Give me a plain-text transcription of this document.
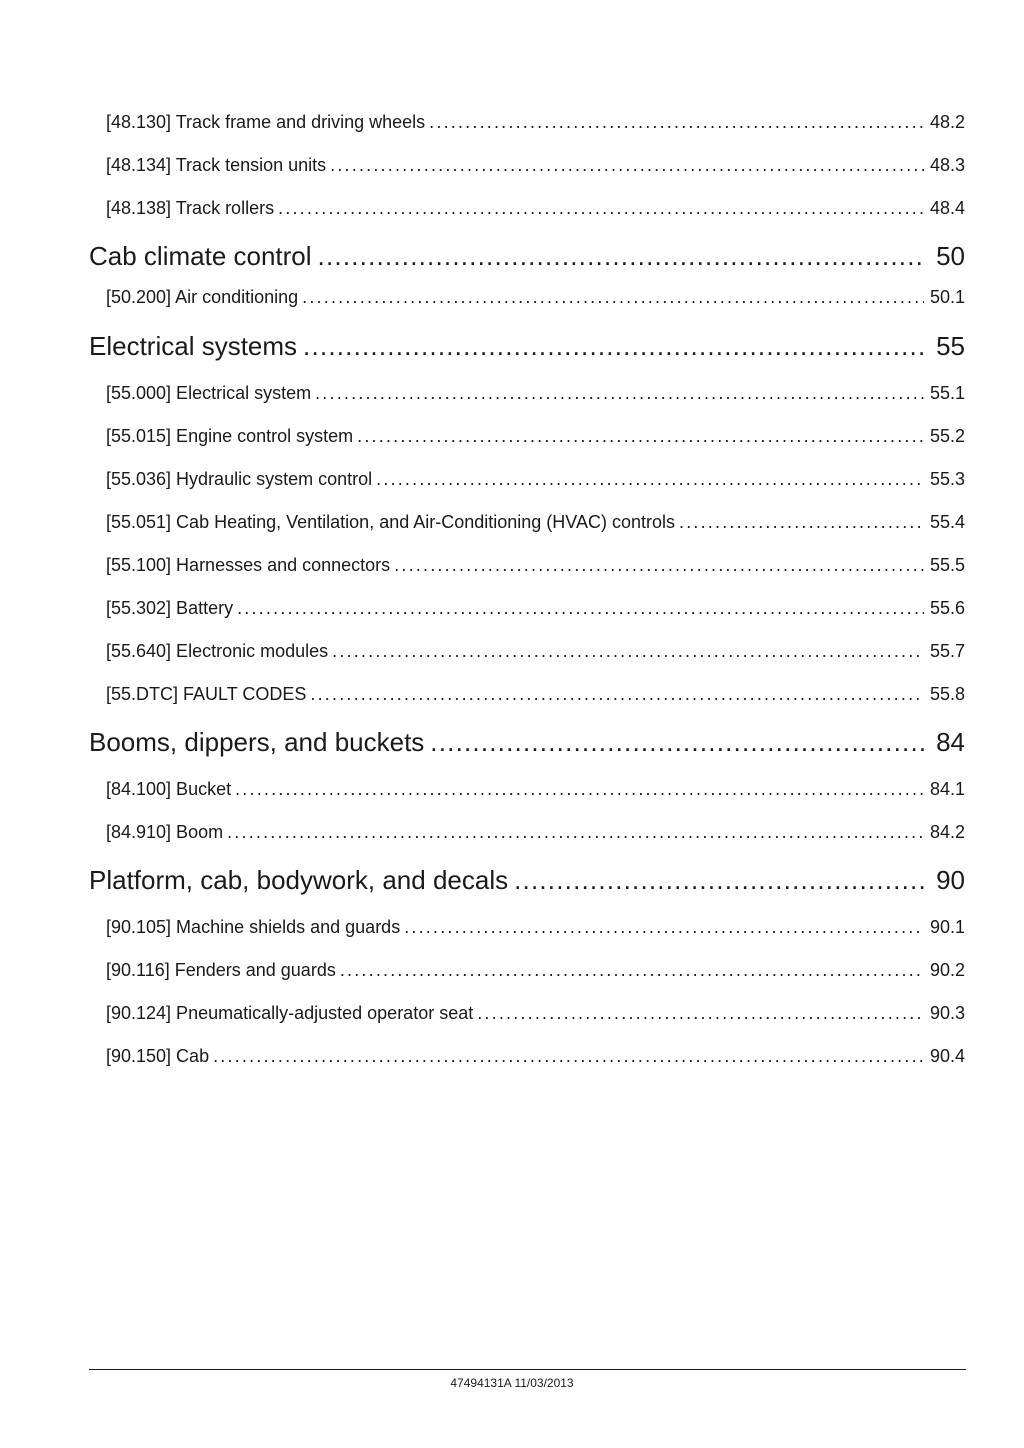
[48.130] Track frame and driving wheels .....	48.2
[48.134] Track tension units .....	48.3
[48.138] Track rollers .....	48.4
Cab climate control .....	50
[50.200] Air conditioning .....	50.1
Electrical systems .....	55
[55.000] Electrical system .....	55.1
[55.015] Engine control system .....	55.2
[55.036] Hydraulic system control .....	55.3
[55.051] Cab Heating, Ventilation, and Air-Conditioning (HVAC) controls .....	55.4
[55.100] Harnesses and connectors .....	55.5
[55.302] Battery .....	55.6
[55.640] Electronic modules .....	55.7
[55.DTC] FAULT CODES .....	55.8
Booms, dippers, and buckets .....	84
[84.100] Bucket .....	84.1
[84.910] Boom .....	84.2
Platform, cab, bodywork, and decals .....	90
[90.105] Machine shields and guards .....	90.1
[90.116] Fenders and guards .....	90.2
[90.124] Pneumatically-adjusted operator seat .....	90.3
[90.150] Cab .....	90.4
47494131A 11/03/2013
